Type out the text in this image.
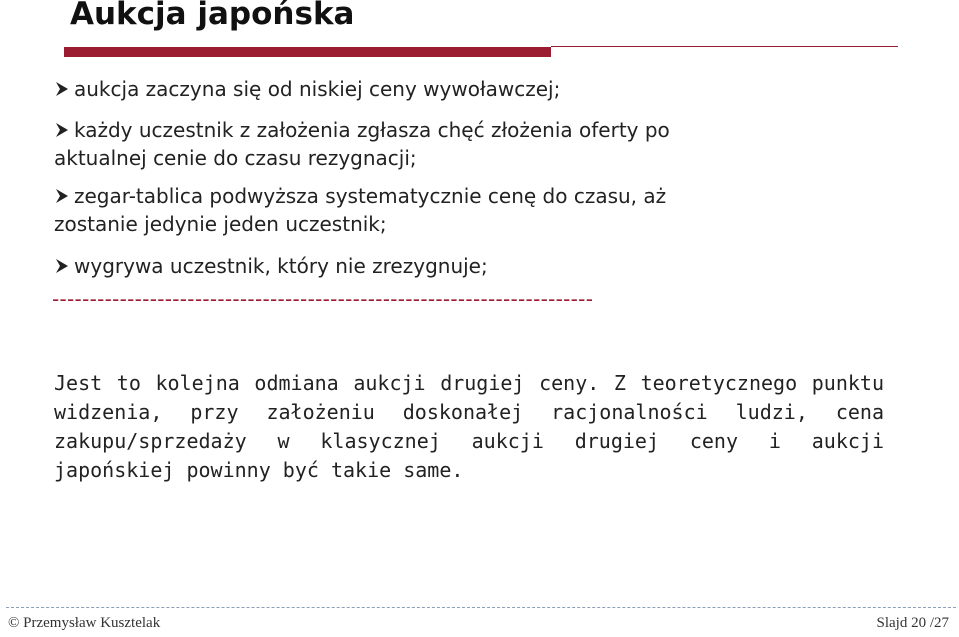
Aukcja japońska
aukcja zaczyna się od niskiej ceny wywoławczej;
każdy uczestnik z założenia zgłasza chęć złożenia oferty po
aktualnej cenie do czasu rezygnacji;
zegar-tablica podwyższa systematycznie cenę do czasu, aż
zostanie jedynie jeden uczestnik;
wygrywa uczestnik, który nie zrezygnuje;
------------------------------------------------------------------------
Jest to kolejna odmiana aukcji drugiej ceny. Z teoretycznego punktu widzenia, przy założeniu doskonałej racjonalności ludzi, cena zakupu/sprzedaży w klasycznej aukcji drugiej ceny i aukcji japońskiej powinny być takie same.
© Przemysław Kusztelak	Slajd 20 /27
